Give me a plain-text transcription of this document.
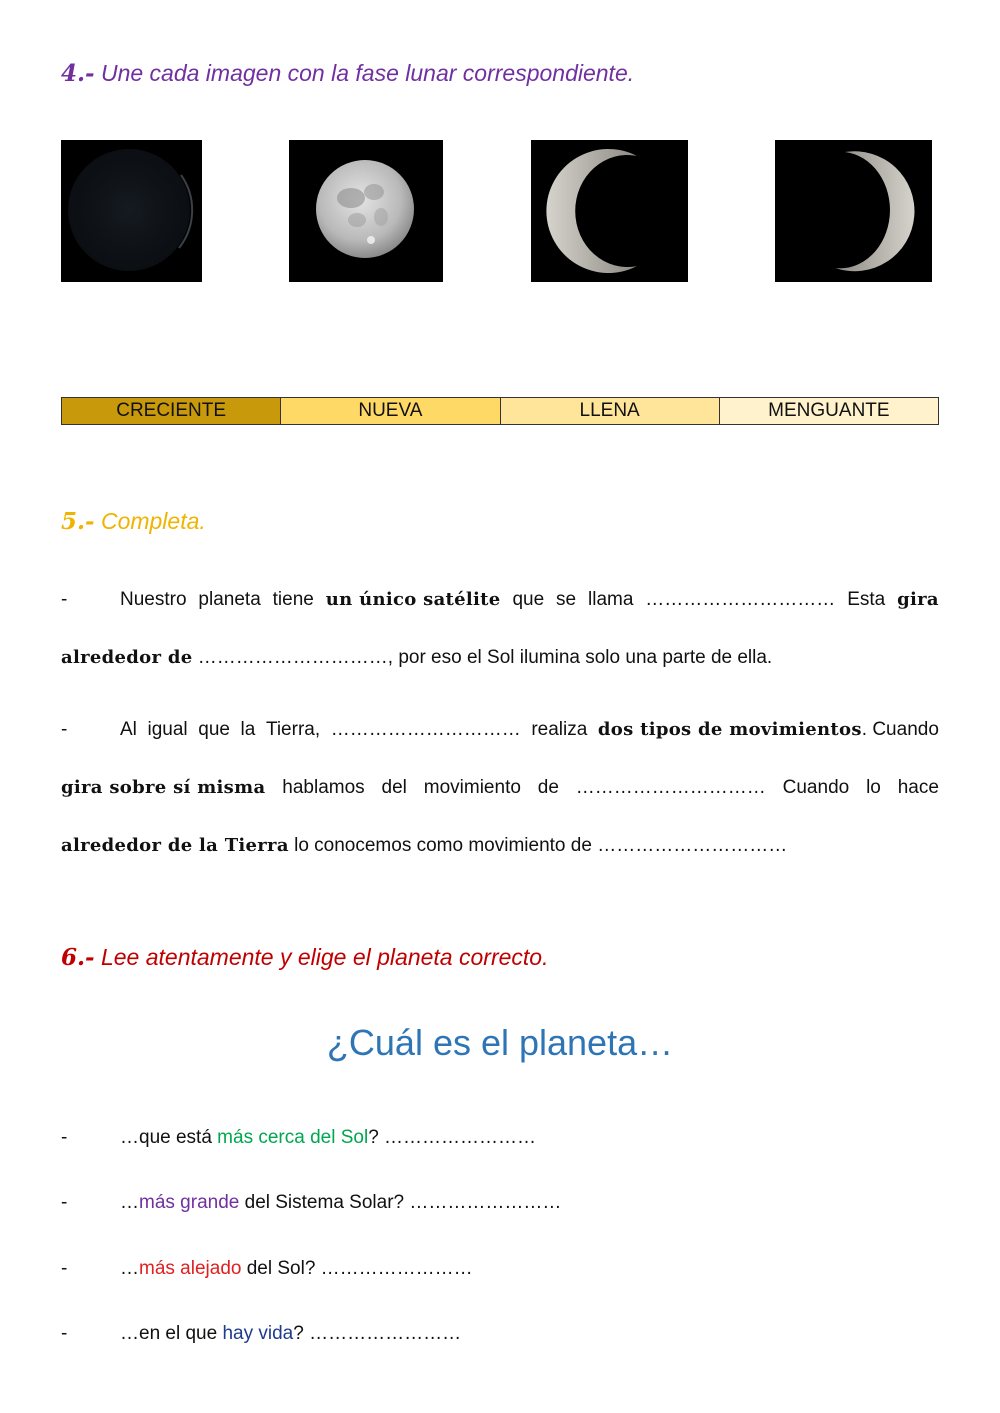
4.- Une cada imagen con la fase lunar correspondiente.
CRECIENTE	NUEVA	LLENA	MENGUANTE
5.- Completa.
-	Nuestro planeta tiene un único satélite que se llama ………………………… Esta gira
alrededor de …………………………, por eso el Sol ilumina solo una parte de ella.
-	Al igual que la Tierra, ………………………… realiza dos tipos de movimientos. Cuando
gira sobre sí misma hablamos del movimiento de ………………………… Cuando lo hace
alrededor de la Tierra lo conocemos como movimiento de …………………………
6.- Lee atentamente y elige el planeta correcto.
¿Cuál es el planeta…
-	…que está más cerca del Sol? ……………………
-	…más grande del Sistema Solar? ……………………
-	…más alejado del Sol? ……………………
-	…en el que hay vida? ……………………
